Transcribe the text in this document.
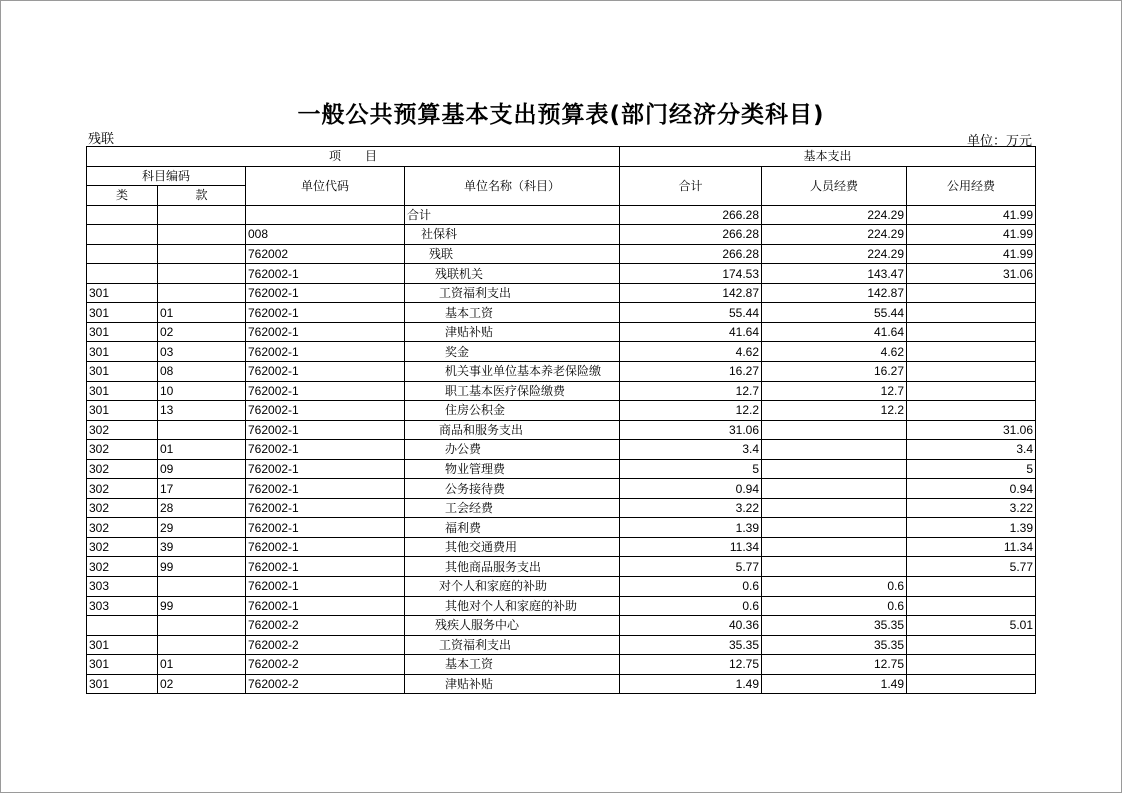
一般公共预算基本支出预算表(部门经济分类科目)
残联	单位：万元
项　　目				基本支出		
科目编码		单位代码	单位名称（科目）	合计	人员经费	公用经费
类	款					
			合计	266.28	224.29	41.99
		008	社保科	266.28	224.29	41.99
		762002	残联	266.28	224.29	41.99
		762002-1	残联机关	174.53	143.47	31.06
301		762002-1	工资福利支出	142.87	142.87	
301	01	762002-1	基本工资	55.44	55.44	
301	02	762002-1	津贴补贴	41.64	41.64	
301	03	762002-1	奖金	4.62	4.62	
301	08	762002-1	机关事业单位基本养老保险缴	16.27	16.27	
301	10	762002-1	职工基本医疗保险缴费	12.7	12.7	
301	13	762002-1	住房公积金	12.2	12.2	
302		762002-1	商品和服务支出	31.06		31.06
302	01	762002-1	办公费	3.4		3.4
302	09	762002-1	物业管理费	5		5
302	17	762002-1	公务接待费	0.94		0.94
302	28	762002-1	工会经费	3.22		3.22
302	29	762002-1	福利费	1.39		1.39
302	39	762002-1	其他交通费用	11.34		11.34
302	99	762002-1	其他商品服务支出	5.77		5.77
303		762002-1	对个人和家庭的补助	0.6	0.6	
303	99	762002-1	其他对个人和家庭的补助	0.6	0.6	
		762002-2	残疾人服务中心	40.36	35.35	5.01
301		762002-2	工资福利支出	35.35	35.35	
301	01	762002-2	基本工资	12.75	12.75	
301	02	762002-2	津贴补贴	1.49	1.49	
